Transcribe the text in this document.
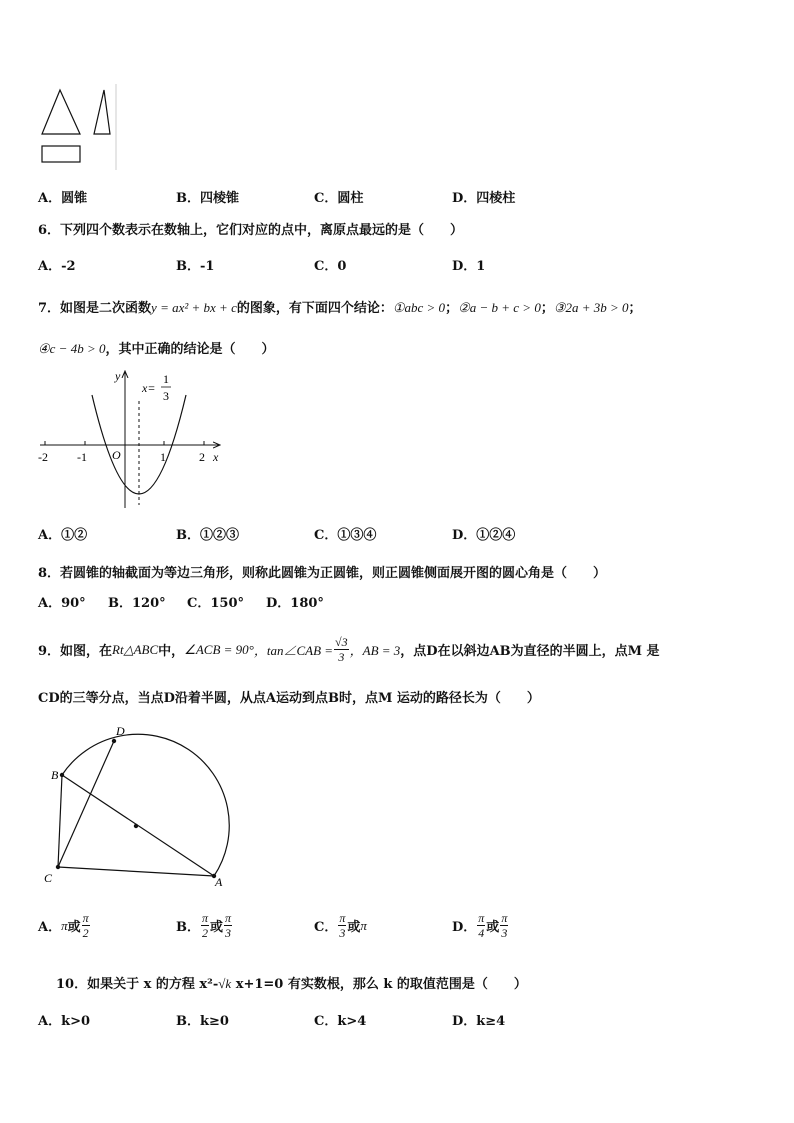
A．圆锥	B．四棱锥	C．圆柱	D．四棱柱
6．下列四个数表示在数轴上，它们对应的点中，离原点最远的是（　　）
A．-2	B．-1	C．0	D．1
7．如图是二次函数y = ax² + bx + c的图象，有下面四个结论：①abc > 0；②a − b + c > 0；③2a + 3b > 0；
④c − 4b > 0，其中正确的结论是（　　）
-2 -1	1	2
O	x
y
x=
1
3
A．①②	B．①②③	C．①③④	D．①②④
8．若圆锥的轴截面为等边三角形，则称此圆锥为正圆锥，则正圆锥侧面展开图的圆心角是（　　）
A．90° B．120° C．150° D．180°
9．如图，在 Rt△ABC 中， ∠ACB = 90° ，tan∠CAB = $\frac{√3}{3}$ ，AB = 3 ，点D在以斜边AB为直径的半圆上，点M 是
CD的三等分点，当点D沿着半圆，从点A运动到点B时，点M 运动的路径长为（　　）
B
C	A
D
A． π 或 $\frac{\pi}{2}$	B． $\frac{\pi}{2}$ 或 $\frac{\pi}{3}$	C． $\frac{\pi}{3}$ 或 π	D． $\frac{\pi}{4}$ 或 $\frac{\pi}{3}$
10．如果关于 x 的方程 x²-√k x+1=0 有实数根，那么 k 的取值范围是（　　）
A．k>0	B．k≥0	C．k>4	D．k≥4
